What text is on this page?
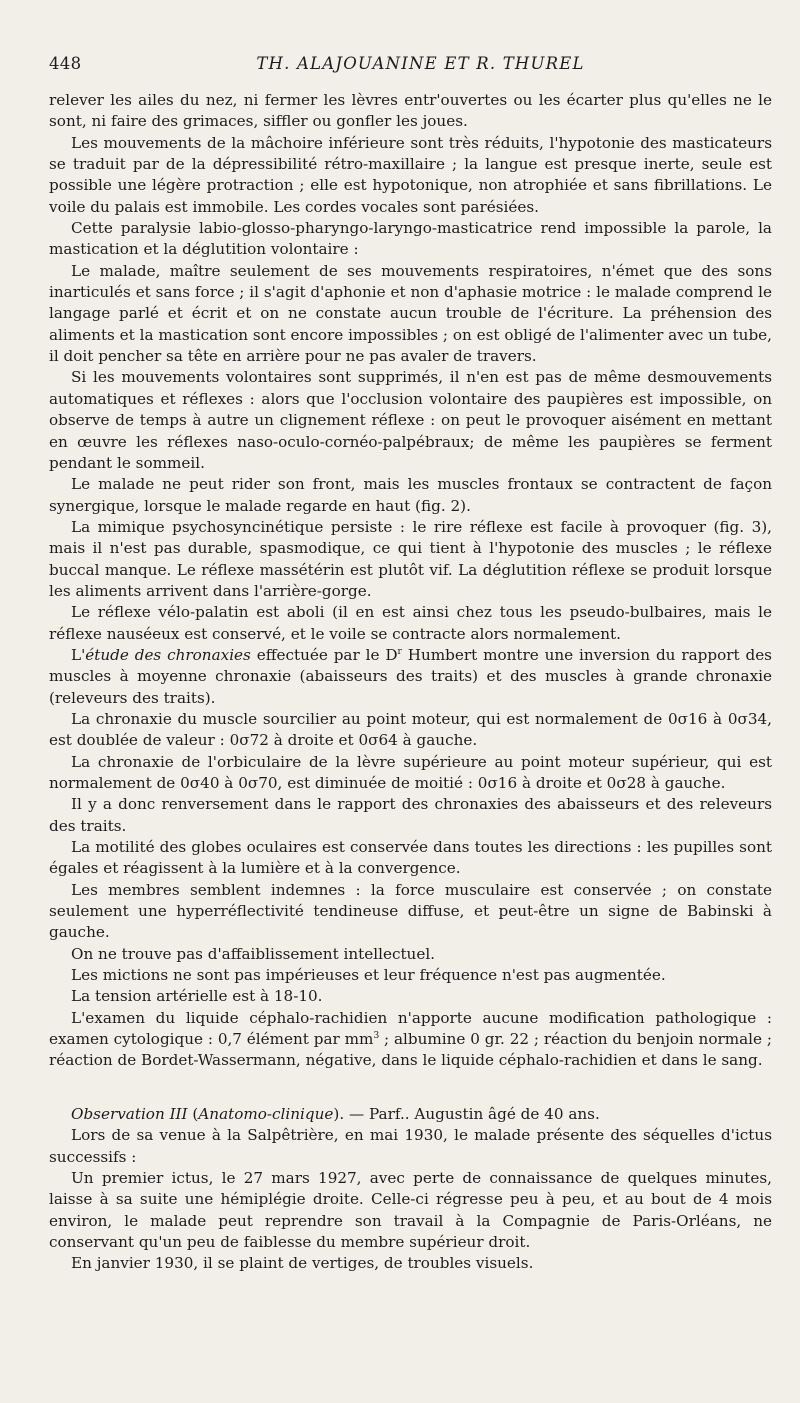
448	TH. ALAJOUANINE ET R. THUREL

relever les ailes du nez, ni fermer les lèvres entr'ouvertes ou les écarter plus qu'elles ne le sont, ni faire des grimaces, siffler ou gonfler les joues.

Les mouvements de la mâchoire inférieure sont très réduits, l'hypotonie des masticateurs se traduit par de la dépressibilité rétro-maxillaire ; la langue est presque inerte, seule est possible une légère protraction ; elle est hypotonique, non atrophiée et sans fibrillations. Le voile du palais est immobile. Les cordes vocales sont parésiées.

Cette paralysie labio-glosso-pharyngo-laryngo-masticatrice rend impossible la parole, la mastication et la déglutition volontaire :

Le malade, maître seulement de ses mouvements respiratoires, n'émet que des sons inarticulés et sans force ; il s'agit d'aphonie et non d'aphasie motrice : le malade comprend le langage parlé et écrit et on ne constate aucun trouble de l'écriture. La préhension des aliments et la mastication sont encore impossibles ; on est obligé de l'alimenter avec un tube, il doit pencher sa tête en arrière pour ne pas avaler de travers.

Si les mouvements volontaires sont supprimés, il n'en est pas de même desmouvements automatiques et réflexes : alors que l'occlusion volontaire des paupières est impossible, on observe de temps à autre un clignement réflexe : on peut le provoquer aisément en mettant en œuvre les réflexes naso-oculo-cornéo-palpébraux; de même les paupières se ferment pendant le sommeil.

Le malade ne peut rider son front, mais les muscles frontaux se contractent de façon synergique, lorsque le malade regarde en haut (fig. 2).

La mimique psychosyncinétique persiste : le rire réflexe est facile à provoquer (fig. 3), mais il n'est pas durable, spasmodique, ce qui tient à l'hypotonie des muscles ; le réflexe buccal manque. Le réflexe massétérin est plutôt vif. La déglutition réflexe se produit lorsque les aliments arrivent dans l'arrière-gorge.

Le réflexe vélo-palatin est aboli (il en est ainsi chez tous les pseudo-bulbaires, mais le réflexe nauséeux est conservé, et le voile se contracte alors normalement.

L'étude des chronaxies effectuée par le $D^r$ Humbert montre une inversion du rapport des muscles à moyenne chronaxie (abaisseurs des traits) et des muscles à grande chronaxie (releveurs des traits).

La chronaxie du muscle sourcilier au point moteur, qui est normalement de 0σ16 à 0σ34, est doublée de valeur : 0σ72 à droite et 0σ64 à gauche.

La chronaxie de l'orbiculaire de la lèvre supérieure au point moteur supérieur, qui est normalement de 0σ40 à 0σ70, est diminuée de moitié : 0σ16 à droite et 0σ28 à gauche.

Il y a donc renversement dans le rapport des chronaxies des abaisseurs et des releveurs des traits.

La motilité des globes oculaires est conservée dans toutes les directions : les pupilles sont égales et réagissent à la lumière et à la convergence.

Les membres semblent indemnes : la force musculaire est conservée ; on constate seulement une hyperréflectivité tendineuse diffuse, et peut-être un signe de Babinski à gauche.

On ne trouve pas d'affaiblissement intellectuel.

Les mictions ne sont pas impérieuses et leur fréquence n'est pas augmentée.

La tension artérielle est à 18-10.

L'examen du liquide céphalo-rachidien n'apporte aucune modification pathologique : examen cytologique : 0,7 élément par $mm^3$ ; albumine 0 gr. 22 ; réaction du benjoin normale ; réaction de Bordet-Wassermann, négative, dans le liquide céphalo-rachidien et dans le sang.

Observation III (Anatomo-clinique). — Parf.. Augustin âgé de 40 ans.

Lors de sa venue à la Salpêtrière, en mai 1930, le malade présente des séquelles d'ictus successifs :

Un premier ictus, le 27 mars 1927, avec perte de connaissance de quelques minutes, laisse à sa suite une hémiplégie droite. Celle-ci régresse peu à peu, et au bout de 4 mois environ, le malade peut reprendre son travail à la Compagnie de Paris-Orléans, ne conservant qu'un peu de faiblesse du membre supérieur droit.

En janvier 1930, il se plaint de vertiges, de troubles visuels.
